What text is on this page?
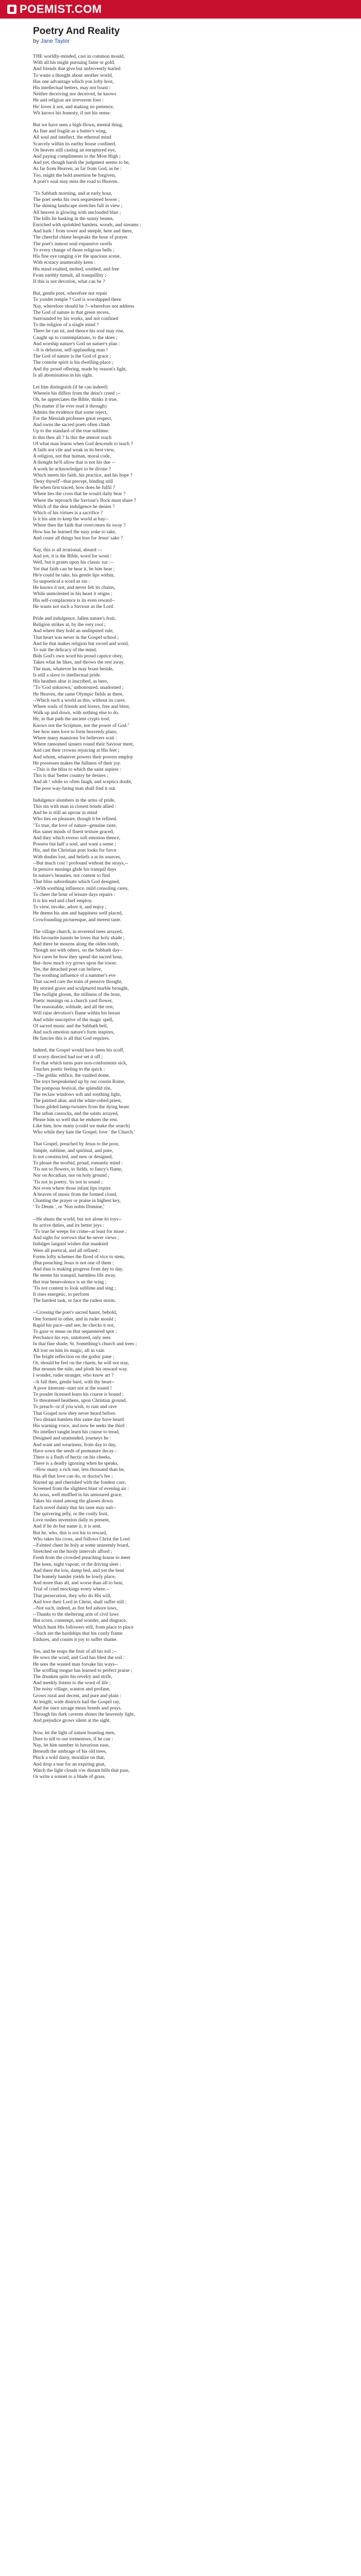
POEMIST.COM
Poetry And Reality
by Jane Taylor
THE worldly-minded, cast in common mould,
With all his might pursuing fame or gold,
And friends that give but unfervently hurled
To waste a thought about another world,
Has one advantage which yon lofty host,
His intellectual betters, may not boast :
Neither deceiving nor deceived, he knows
He and religion are irreverent foes :
He' loves it not, and making no pretence,
Wh knows his honesty, if not his sense.
But we have seen a high-flown, mental thing,
As fine and fragile as a butter's wing,
All soul and intellect, the ethereal mind
Scarcely within its earthy house confined,
On heaven still casting an enraptured eye,
And paying compliments to the Most High ;
And yet, though harsh the judgment seems to be,
As far from Heaven, as far from God, as he :
Too, might the bold assertion be forgiven,
A poet's soul may miss the road to Heaven.
"To Sabbath morning, and at early hour,
The poet seeks his own sequestered bower ;
The shining landscape stretches full in view ;
All heaven is glowing with unclouded blue ;
The hills lie basking in the sunny beams,
Enriched with sprinkled hamlets, woods, and streams ;
And hark ! from tower and steeple, here and there,
The cheerful chime bespeaks the hour of prayer.
The poet's inmost soul expansive swells
To every change of those religious bells ;
His fine eye ranging o'er the spacious scene,
With ecstacy unutterably keen :
His mind exalted, melted, soothed, and free
From earthly tumult, all tranquillity ;-
If this is not devotion, what can be ?
But, gentle poet, wherefore not repair
To yonder temple ? God is worshipped there.
Nay, wherefore should he ?--wherefore not address
The God of nature in that green recess,
Surrounded by his works, and not confined
To the religion of a single mind ?
There he can sit, and thence his soul may rise,
Caught up to contemplations, to the skies ;
And worship nature's God on nature's plan :
--It is delusion, self-applauding man !
The God of nature is the God of grace ;
The contrite spirit is his dwelling-place ;
And thy proud offering, made by reason's light,
Is all abomination in his sight.
Let him distinguish (if he can indeed)
Wherein his differs from the deist's creed ;--
Oh, he appreciates the Bible, thinks it true,
(No matter if he ever read it through)
Admits the evidence that some reject,
For the Messiah professes great respect,
And owns the sacred poets often climb
Up to the standard of the true sublime.
Is this then all ? Is this the utmost reach
Of what man learns when God descends to teach ?
A faith not vile and weak in its best view,
A religion, not that human, moral code,
A thought he'll allow that is not his due --
A work he acknowledges to be divine ?
Which meets his faith, his practice, and his hope ?
'Deny thyself'--that precept, binding still
He when first traced, how does he fulfil ?
Where lies the cross that he would daily bear ?
Where the reproach the Saviour's flock must share ?
Which of the dear indulgence he denies ?
Which of his virtues is a sacrifice ?
Is it his aim to keep the world at bay--
Where then the faith that overcomes its sway ?
How has he learned the easy yoke to take,
And count all things but loss for Jesus' sake ?
Nay, this is all irrational, absurd :--
And yet, it is the Bible, word for word :
Well, but it grates upon his classic ear :--
Yet that faith can be hear it, be him hear ;
He'e could he take, his gentle lips within,
So unpoetical a word as sin :
He knows it not, and never felt its chains,
While unmolested in his heart it reigns ;
His self-complacence is its even reward--
He wants not such a Saviour as the Lord.
Pride and indulgence, fallen nature's fruit,
Religion strikes at, by the very root ;
And where they hold an undisputed rule,
That heart was never in the Gospel school ;
And lie that makes religion but sword and word,
To suit the delicacy of the mind,
Bids God's own word his proud caprice obey,
Takes what he likes, and throws the rest away.
The man, whatever he may boast beside,
Is still a slave to intellectual pride.
His heathen altar is inscribed, as here,
"To 'God unknown,' unhonoured, unadorned ;
He Heaven, the same Olympic fields as there,
--Which such a world as this, without its cares.
Where souls of friends and lovers, free and blest,
Walk up and down, with nothing else to do.
He, in that path the ancient crypts trod,
Knows not the Scripture, nor the power of God."
See how men love to form heavenly plans,
Where many mansions for believers wait :
Where ransomed sinners round their Saviour meet,
And cast their crowns rejoicing at His feet ;
And whom, whatever powers their powers employ
He possesses makes the fullness of their joy.
--This is the bliss to which the saint aspires :
This is that 'better country he desires ;
And ah ! while so often laugh, and sceptics doubt,
The poor way-faring man shall find it out.
Indulgence slumbers in the arms of pride,
This sin with man in closest bonds allied :
And he is still an uproar in mind
Who lies on pleasure, though it be refined.
"To true, the love of nature--genuine taste,
Has saner minds of finest texture graced,
And they which everso soft emotion thence,
Possess but half a soul, and want a sense ;
His, and the Christian poet looks for force
With doubts lost, and beliefs a at its sources.
--But much cost ! profound without the strays,--
In pensive musings glide his tranquil days
In nature's beauties, not content to find
That bliss subordinate which God designed,
--With soothing influence, mild consoling cares,
To cheer the hour of leisure days repairs :
It is his end and chief employ.
To view, invoke, adore it, and enjoy ;
He deems his aim and happiness well placed,
Crowfounding picturesque, and merest taste.
The village church, in reverend trees arrayed,
His favourite haunts he loves that holy shade ;
And there he mourns along the olden tomb,
Though not with others, on the Sabbath day--
Nor cares he how they spend the sacred hour,
But--how much ivy grows upon the tower.
Yes, the detached poet can believe,
The soothing influence of a summer's eve
That sacred care the train of pensive thought,
By storied grave and sculptured marble brought,
The twilight gloom, the stillness of the hour,
Poetic musings on a church yard flower,
The reasonable, solitude, and all the rest,
Will raise devotion's flame within his breast
And while susceptive of the magic spell,
Of sacred music and the Sabbath bell,
And such emotion nature's form inspires,
He fancies this is all that God requires.
Indeed, the Gospel would have been his scoff,
If worry directed had not set it off ;
For that which turns pure non-conformists sick,
Touches poetic feeling to the quick :
--The gothic edifice, the vaulted dome,
The toys bespeakened up by our cousin Rome,
The pompous festival, the splendid rite,
The reclaw windows soft and soothing light,
The painted altar, and the white-robed priest,
Those gilded lamp-twisters from the dying beast
The urban cassocks, and the saints arrayed,
Please him so well that he endures the rest.
Like him, how many (could we make the search)
Who while they hate the Gospel, love ' the Church.'
That Gospel, preached by Jesus to the poor,
Simple, sublime, and spiritual, and pure,
Is not constructed, and new or designed,
To please the morbid, proud, romantic mind :
'Tis not to flowers, to fields, to fancy's flame,
Nor on Arcadian, nor on holy ground ;
'Tis not in poetry, 'tis not in sound ;
Not even where those infant lips expire
A heaven of music from the formed cloud,
Chanting the prayer or praise in highest key,
' To Deum ', or 'Non nobis Domine,'
--He shuns the world, but not alone its toys--
Its active duties, and its better joys :
"To true he weeps for crime--at least for muse ;
And sighs for sorrows that he never views ;
Indulges languid wishes that mankind
Were all poetical, and all refined :
Forms lofty schemes the flood of vice to stem,
(But preaching Jesus is not one of them :
And thus is making progress from day to day,
He seems his tranquil, harmless life away.
But true benevolence is an the wing ;
'Tis not content to look sublime and sing ;
It rises energetic, to perform
The hardest task, or face the rudest storm.
--Crossing the poet's sacred haunt, behold,
One formed in other, and in ruder mould ;
Rapid his pace--and see, he checks it not,
To gaze or muse on that sequestered spot :
Perchance his eye, untutored, only sees
In that fine shade, St. Something's church and trees ;
All lost on him its magic, all in vain
The bright reflection on the gothic pane ;
Or, should he feel on the charm, he will not stay,
But mounts the stile, and plods his onward way.
I wonder, ruder stranger, who know art ?
--It fall then, gentle bard, with thy heart--
A poor itinerant--start not at the sound !
To ponder licensed learn his course is bound ;
To threatened heathens, upon Christian ground,
To preach--or if you wish, to rant and rave
That Gospel now they never heard before.
Two distant hamlets this same day have heard
His warning voice, and now he seeks the third :
No intellect taught learn his course to tread,
Designed and unattended, journeys he :
And want and weariness, from day to day,
Have sown the seeds of premature decay :
There is a flush of hectic on his cheeks,
There is a deadly ignoring when he speaks,
--How many a rich one, less thousand than he,
Has all that love can do, or doctor's fee ;
Nursed up and cherished with the fondest care,
Screened from the slightest blast of evening air :
As nous, well muffled in his armoured grace,
Takes his stand among the glasses down.
Each novel dainty that his taste may suit--
The quivering jelly, or the costly fruit,
Love rushes invention daily to present,
And if he do but name it, it is sent.
But he, who, this is not his to reward,
Who takes his cross, and follows Christ the Lord
--Fainted cheer he holy at some unseemly board,
Stretched on the hordy intervals afford ;
Fresh from the crowded preaching-house to meet
The keen, night vapour, or the driving sleet :
And there the low, damp bed, and yet the bent
The homely hamlet yields he lowly place,
And more than all, and worse than all to bear,
Trial of cruel mockings every where.--
That persecution, they who do His will,
And love their Lord in Christ, shall suffer still :
--Not such, indeed, as fire fed ashore laws,
--Thanks to the sheltering arm of civil laws
But scorn, contempt, and wonder, and disgrace,
Which hunt His followers still, from place to place
--Such are the hardships that his costly frame
Endures, and counts it joy to suffer shame.
Yes, and he reaps the fruit of all his toil ;--
He sows the word, and God has blest the soil :
He sees the wasted man forsake his ways--
The scoffing tongue has learned to perfect praise ;
The drunken quits his revelry and strife,
And meekly listens to the word of life ;
The noisy village, wanton and profane,
Grows rural and decent, and pure and plain :
At length, wide districts hail the Gospel ray,
And the once savage mean breeds and prays.
Through his dark caverns shines the heavenly light,
And prejudice grows silent at the sight.
Now, let the light of nature boasting men,
Dare to tell to our tormentors, if he can :
Nay, let him number in luxurious ease,
Beneath the umbrage of his old trees,
Pluck a wild daisy, moralize on that,
And drop a tear for an expiring gnat,
Watch the light clouds o'er distant hills that pass,
Or write a sonnet to a blade of grass.
